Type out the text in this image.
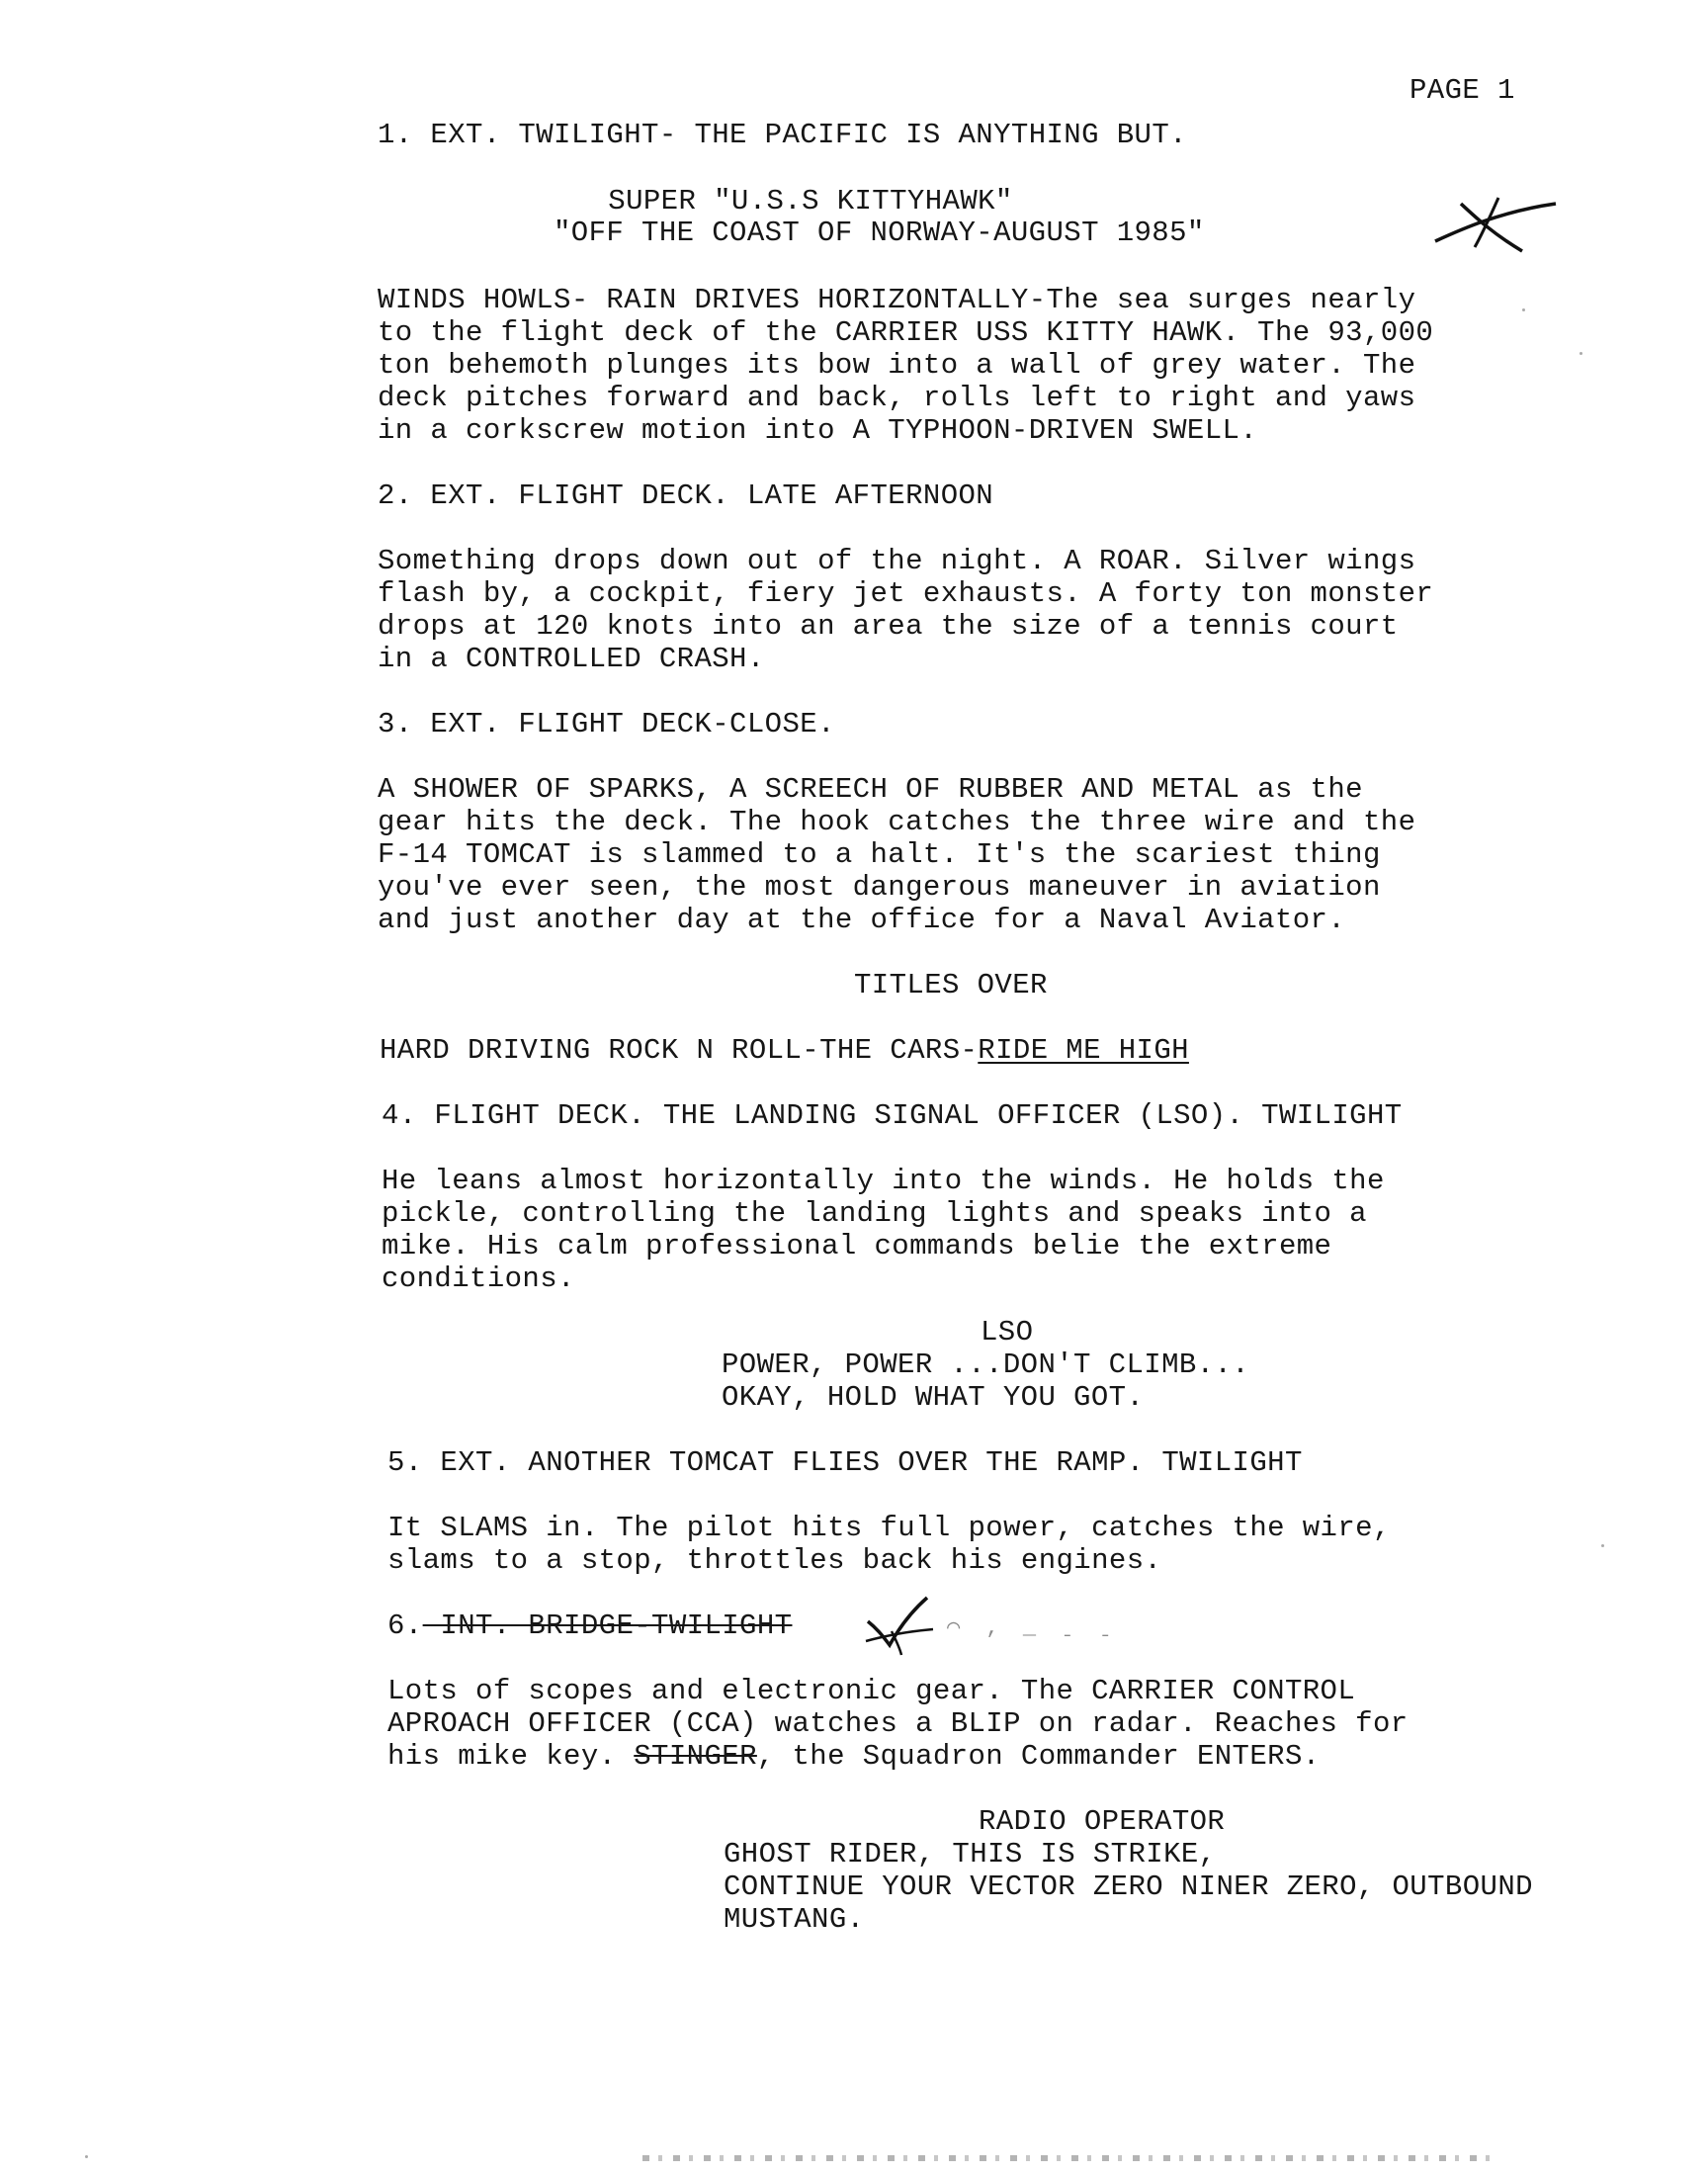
PAGE 1
1. EXT. TWILIGHT- THE PACIFIC IS ANYTHING BUT.
SUPER "U.S.S KITTYHAWK"
"OFF THE COAST OF NORWAY-AUGUST 1985"
WINDS HOWLS- RAIN DRIVES HORIZONTALLY-The sea surges nearly
to the flight deck of the CARRIER USS KITTY HAWK. The 93,000
ton behemoth plunges its bow into a wall of grey water. The
deck pitches forward and back, rolls left to right and yaws
in a corkscrew motion into A TYPHOON-DRIVEN SWELL.
2. EXT. FLIGHT DECK. LATE AFTERNOON
Something drops down out of the night. A ROAR. Silver wings
flash by, a cockpit, fiery jet exhausts. A forty ton monster
drops at 120 knots into an area the size of a tennis court
in a CONTROLLED CRASH.
3. EXT. FLIGHT DECK-CLOSE.
A SHOWER OF SPARKS, A SCREECH OF RUBBER AND METAL as the
gear hits the deck. The hook catches the three wire and the
F-14 TOMCAT is slammed to a halt. It's the scariest thing
you've ever seen, the most dangerous maneuver in aviation
and just another day at the office for a Naval Aviator.
TITLES OVER
HARD DRIVING ROCK N ROLL-THE CARS-RIDE ME HIGH
4. FLIGHT DECK. THE LANDING SIGNAL OFFICER (LSO). TWILIGHT
He leans almost horizontally into the winds. He holds the
pickle, controlling the landing lights and speaks into a
mike. His calm professional commands belie the extreme
conditions.
LSO
POWER, POWER ...DON'T CLIMB...
OKAY, HOLD WHAT YOU GOT.
5. EXT. ANOTHER TOMCAT FLIES OVER THE RAMP. TWILIGHT
It SLAMS in. The pilot hits full power, catches the wire,
slams to a stop, throttles back his engines.
6. INT. BRIDGE-TWILIGHT	⌒ ‚ _ ˍ ˍ
Lots of scopes and electronic gear. The CARRIER CONTROL
APROACH OFFICER (CCA) watches a BLIP on radar. Reaches for
his mike key. STINGER, the Squadron Commander ENTERS.
RADIO OPERATOR
GHOST RIDER, THIS IS STRIKE,
CONTINUE YOUR VECTOR ZERO NINER ZERO, OUTBOUND
MUSTANG.
